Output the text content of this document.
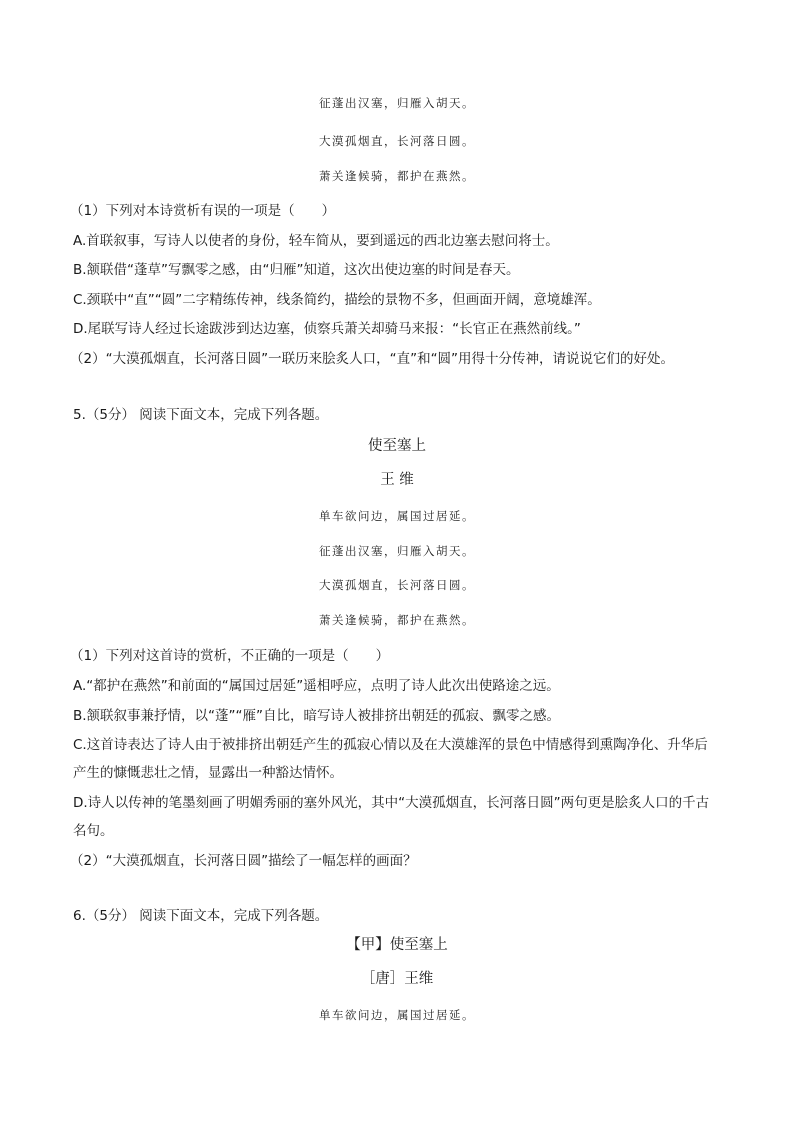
征蓬出汉塞，归雁入胡天。
大漠孤烟直，长河落日圆。
萧关逢候骑，都护在燕然。
（1）下列对本诗赏析有误的一项是（　　）
A.首联叙事，写诗人以使者的身份，轻车简从，要到遥远的西北边塞去慰问将士。
B.颔联借“蓬草”写飘零之感，由“归雁”知道，这次出使边塞的时间是春天。
C.颈联中“直”“圆”二字精练传神，线条简约，描绘的景物不多，但画面开阔，意境雄浑。
D.尾联写诗人经过长途跋涉到达边塞，侦察兵萧关却骑马来报：“长官正在燕然前线。”
（2）“大漠孤烟直，长河落日圆”一联历来脍炙人口，“直”和“圆”用得十分传神，请说说它们的好处。
5.（5分） 阅读下面文本，完成下列各题。
使至塞上
王 维
单车欲问边，属国过居延。
征蓬出汉塞，归雁入胡天。
大漠孤烟直，长河落日圆。
萧关逢候骑，都护在燕然。
（1）下列对这首诗的赏析，不正确的一项是（　　）
A.“都护在燕然”和前面的“属国过居延”遥相呼应，点明了诗人此次出使路途之远。
B.颔联叙事兼抒情，以“蓬”“雁”自比，暗写诗人被排挤出朝廷的孤寂、飘零之感。
C.这首诗表达了诗人由于被排挤出朝廷产生的孤寂心情以及在大漠雄浑的景色中情感得到熏陶净化、升华后产生的慷慨悲壮之情，显露出一种豁达情怀。
D.诗人以传神的笔墨刻画了明媚秀丽的塞外风光，其中“大漠孤烟直，长河落日圆”两句更是脍炙人口的千古名句。
（2）“大漠孤烟直，长河落日圆”描绘了一幅怎样的画面？
6.（5分） 阅读下面文本，完成下列各题。
【甲】使至塞上
［唐］王维
单车欲问边，属国过居延。
